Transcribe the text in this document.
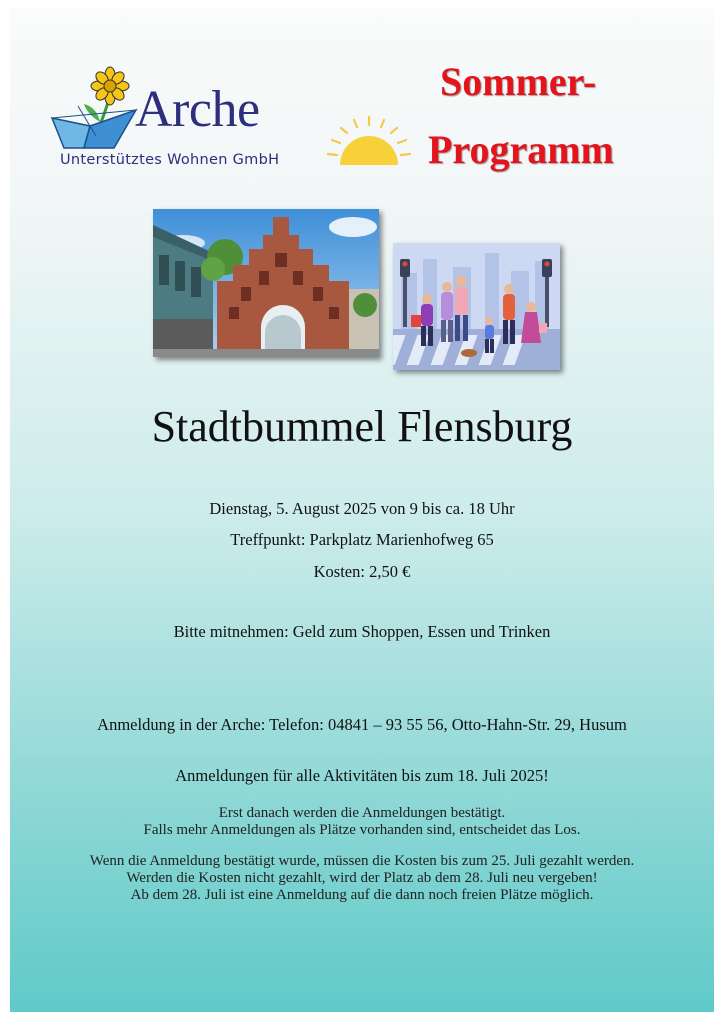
Arche
Unterstütztes Wohnen GmbH
Sommer-
Programm
Stadtbummel Flensburg
Dienstag, 5. August 2025 von 9 bis ca. 18 Uhr
Treffpunkt: Parkplatz Marienhofweg 65
Kosten: 2,50 €
Bitte mitnehmen: Geld zum Shoppen, Essen und Trinken
Anmeldung in der Arche: Telefon: 04841 – 93 55 56, Otto-Hahn-Str. 29, Husum
Anmeldungen für alle Aktivitäten bis zum 18. Juli 2025!
Erst danach werden die Anmeldungen bestätigt.
Falls mehr Anmeldungen als Plätze vorhanden sind, entscheidet das Los.
Wenn die Anmeldung bestätigt wurde, müssen die Kosten bis zum 25. Juli gezahlt werden.
Werden die Kosten nicht gezahlt, wird der Platz ab dem 28. Juli neu vergeben!
Ab dem 28. Juli ist eine Anmeldung auf die dann noch freien Plätze möglich.
